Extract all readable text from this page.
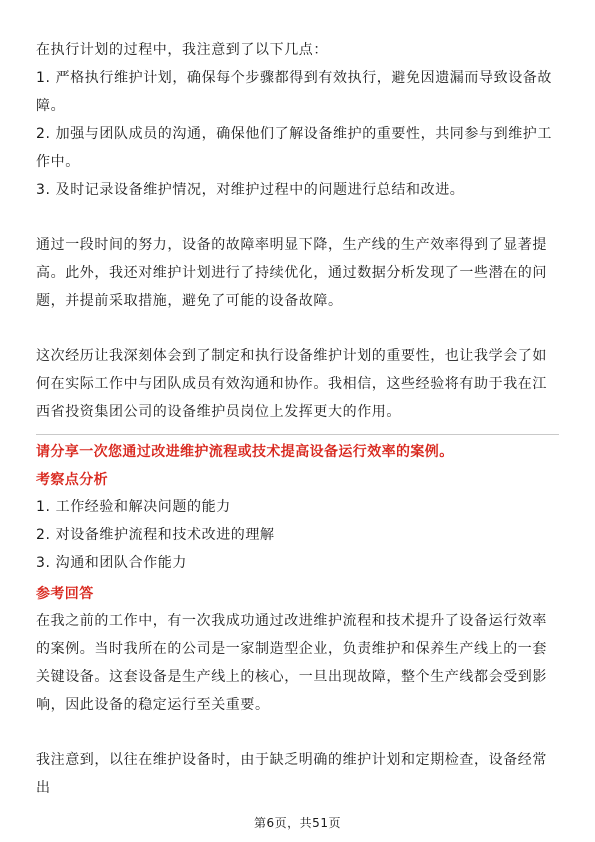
在执行计划的过程中，我注意到了以下几点：

1. 严格执行维护计划，确保每个步骤都得到有效执行，避免因遗漏而导致设备故障。

2. 加强与团队成员的沟通，确保他们了解设备维护的重要性，共同参与到维护工作中。

3. 及时记录设备维护情况，对维护过程中的问题进行总结和改进。

通过一段时间的努力，设备的故障率明显下降，生产线的生产效率得到了显著提高。此外，我还对维护计划进行了持续优化，通过数据分析发现了一些潜在的问题，并提前采取措施，避免了可能的设备故障。

这次经历让我深刻体会到了制定和执行设备维护计划的重要性，也让我学会了如何在实际工作中与团队成员有效沟通和协作。我相信，这些经验将有助于我在江西省投资集团公司的设备维护员岗位上发挥更大的作用。

请分享一次您通过改进维护流程或技术提高设备运行效率的案例。

考察点分析

1. 工作经验和解决问题的能力

2. 对设备维护流程和技术改进的理解

3. 沟通和团队合作能力

参考回答

在我之前的工作中，有一次我成功通过改进维护流程和技术提升了设备运行效率的案例。当时我所在的公司是一家制造型企业，负责维护和保养生产线上的一套关键设备。这套设备是生产线上的核心，一旦出现故障，整个生产线都会受到影响，因此设备的稳定运行至关重要。

我注意到，以往在维护设备时，由于缺乏明确的维护计划和定期检查，设备经常出

第6页，共51页
